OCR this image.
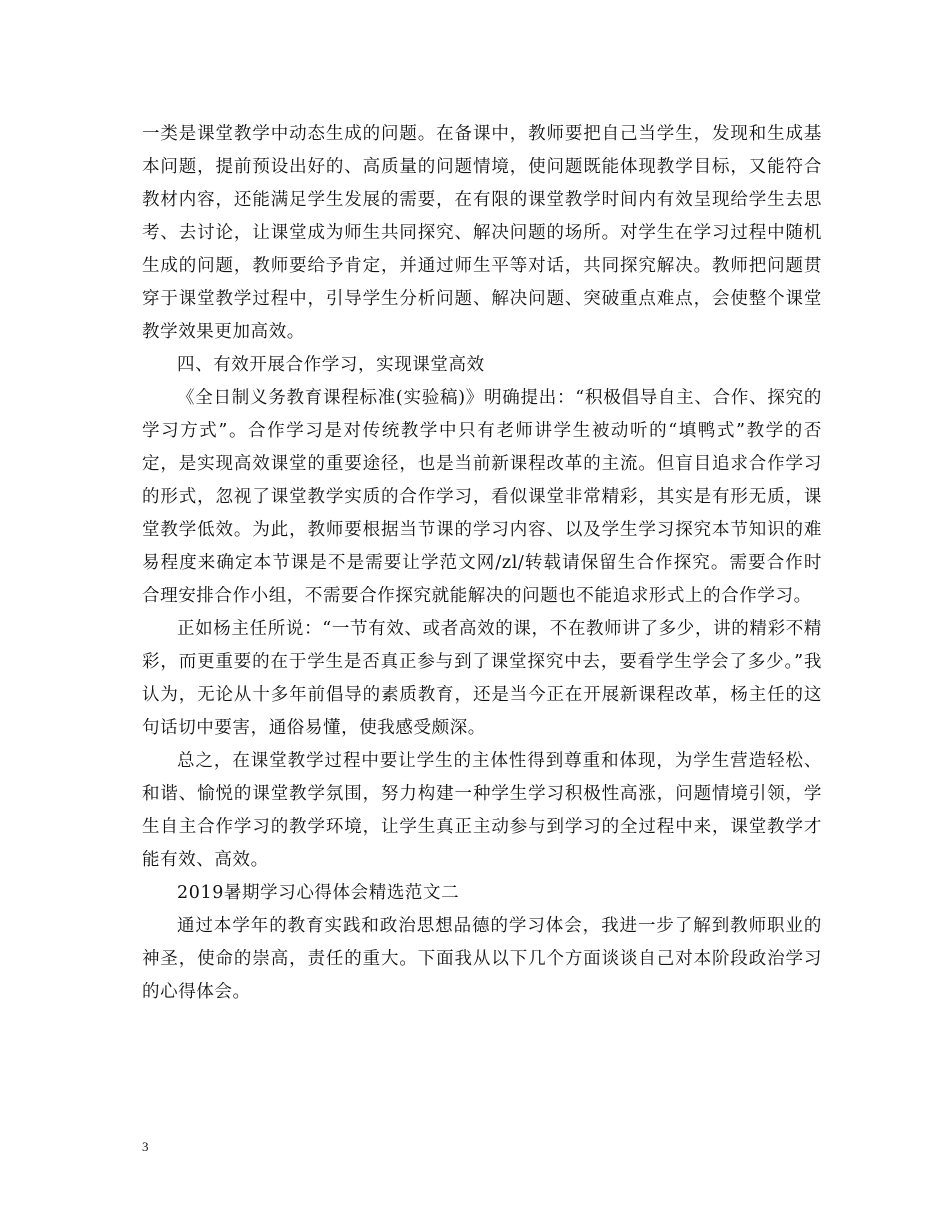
一类是课堂教学中动态生成的问题。在备课中，教师要把自己当学生，发现和生成基本问题，提前预设出好的、高质量的问题情境，使问题既能体现教学目标，又能符合教材内容，还能满足学生发展的需要，在有限的课堂教学时间内有效呈现给学生去思考、去讨论，让课堂成为师生共同探究、解决问题的场所。对学生在学习过程中随机生成的问题，教师要给予肯定，并通过师生平等对话，共同探究解决。教师把问题贯穿于课堂教学过程中，引导学生分析问题、解决问题、突破重点难点，会使整个课堂教学效果更加高效。

四、有效开展合作学习，实现课堂高效

《全日制义务教育课程标准(实验稿)》明确提出：“积极倡导自主、合作、探究的学习方式”。合作学习是对传统教学中只有老师讲学生被动听的“填鸭式”教学的否定，是实现高效课堂的重要途径，也是当前新课程改革的主流。但盲目追求合作学习的形式，忽视了课堂教学实质的合作学习，看似课堂非常精彩，其实是有形无质，课堂教学低效。为此，教师要根据当节课的学习内容、以及学生学习探究本节知识的难易程度来确定本节课是不是需要让学范文网/zl/转载请保留生合作探究。需要合作时合理安排合作小组，不需要合作探究就能解决的问题也不能追求形式上的合作学习。

正如杨主任所说：“一节有效、或者高效的课，不在教师讲了多少，讲的精彩不精彩，而更重要的在于学生是否真正参与到了课堂探究中去，要看学生学会了多少。”我认为，无论从十多年前倡导的素质教育，还是当今正在开展新课程改革，杨主任的这句话切中要害，通俗易懂，使我感受颇深。

总之，在课堂教学过程中要让学生的主体性得到尊重和体现，为学生营造轻松、和谐、愉悦的课堂教学氛围，努力构建一种学生学习积极性高涨，问题情境引领，学生自主合作学习的教学环境，让学生真正主动参与到学习的全过程中来，课堂教学才能有效、高效。

2019暑期学习心得体会精选范文二

通过本学年的教育实践和政治思想品德的学习体会，我进一步了解到教师职业的神圣，使命的崇高，责任的重大。下面我从以下几个方面谈谈自己对本阶段政治学习的心得体会。

3
